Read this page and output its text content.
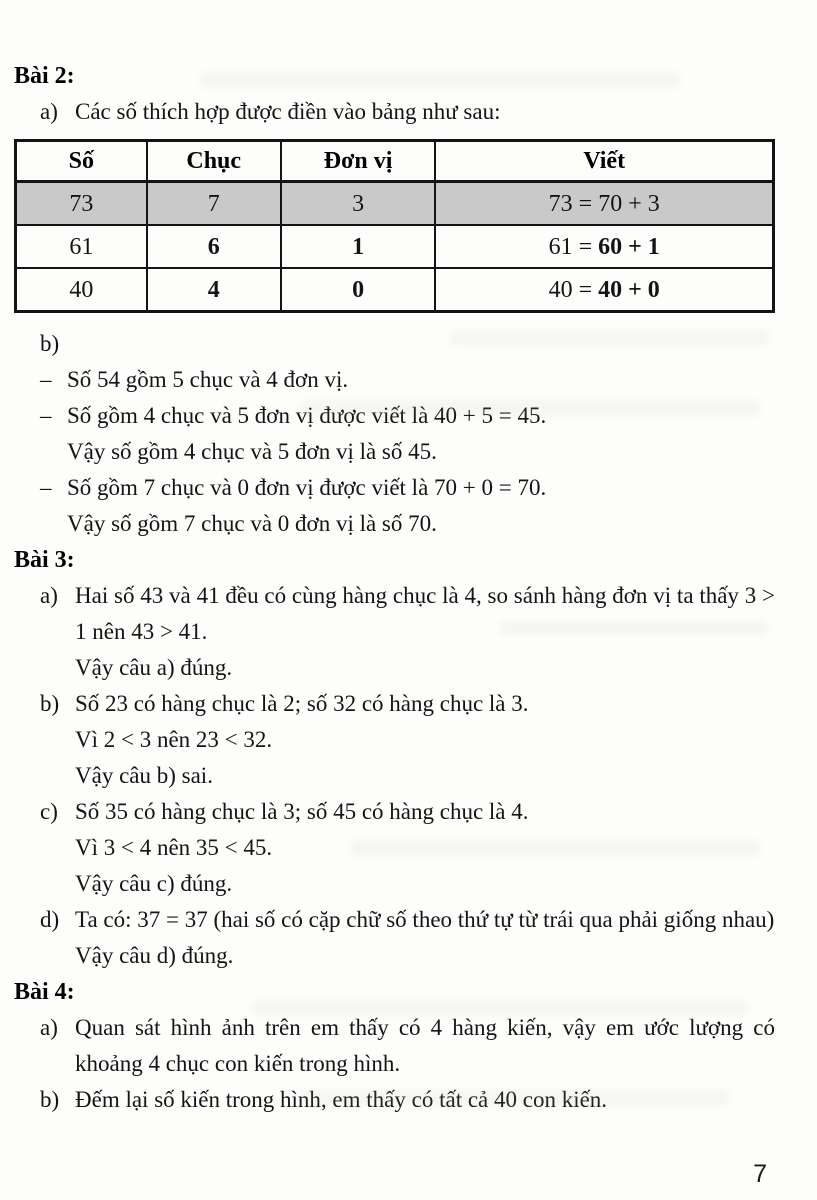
Bài 2:

a) Các số thích hợp được điền vào bảng như sau:

Số	Chục	Đơn vị	Viết
73	7	3	73 = 70 + 3
61	6	1	61 = 60 + 1
40	4	0	40 = 40 + 0

b)

– Số 54 gồm 5 chục và 4 đơn vị.

– Số gồm 4 chục và 5 đơn vị được viết là 40 + 5 = 45.

Vậy số gồm 4 chục và 5 đơn vị là số 45.

– Số gồm 7 chục và 0 đơn vị được viết là 70 + 0 = 70.

Vậy số gồm 7 chục và 0 đơn vị là số 70.

Bài 3:

a) Hai số 43 và 41 đều có cùng hàng chục là 4, so sánh hàng đơn vị ta thấy 3 > 1 nên 43 > 41.

Vậy câu a) đúng.

b) Số 23 có hàng chục là 2; số 32 có hàng chục là 3.

Vì 2 < 3 nên 23 < 32.

Vậy câu b) sai.

c) Số 35 có hàng chục là 3; số 45 có hàng chục là 4.

Vì 3 < 4 nên 35 < 45.

Vậy câu c) đúng.

d) Ta có: 37 = 37 (hai số có cặp chữ số theo thứ tự từ trái qua phải giống nhau)

Vậy câu d) đúng.

Bài 4:

a) Quan sát hình ảnh trên em thấy có 4 hàng kiến, vậy em ước lượng có khoảng 4 chục con kiến trong hình.

b) Đếm lại số kiến trong hình, em thấy có tất cả 40 con kiến.

7
